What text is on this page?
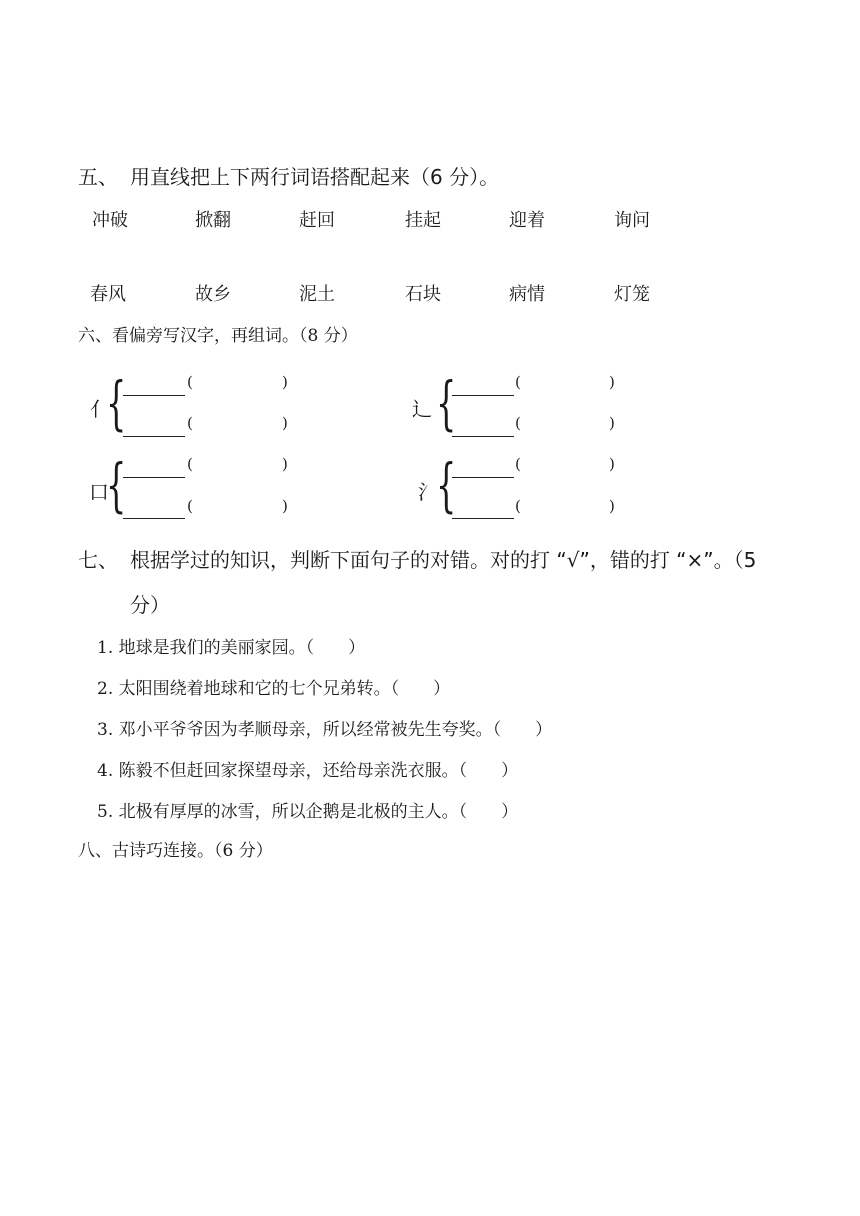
五、 用直线把上下两行词语搭配起来（6 分）。
冲破	掀翻	赶回	挂起	迎着	询问
春风	故乡	泥土	石块	病情	灯笼
六、看偏旁写汉字，再组词。（8 分）
亻
{	(	)
(	)
辶 {	(	)
(	)
口
{	(	)
(	)
氵
{	(	)
(	)
七、 根据学过的知识，判断下面句子的对错。对的打 “√”，错的打 “×”。（5
分）
1. 地球是我们的美丽家园。（　　）
2. 太阳围绕着地球和它的七个兄弟转。（　　）
3. 邓小平爷爷因为孝顺母亲，所以经常被先生夸奖。（　　）
4. 陈毅不但赶回家探望母亲，还给母亲洗衣服。（　　）
5. 北极有厚厚的冰雪，所以企鹅是北极的主人。（　　）
八、古诗巧连接。（6 分）
